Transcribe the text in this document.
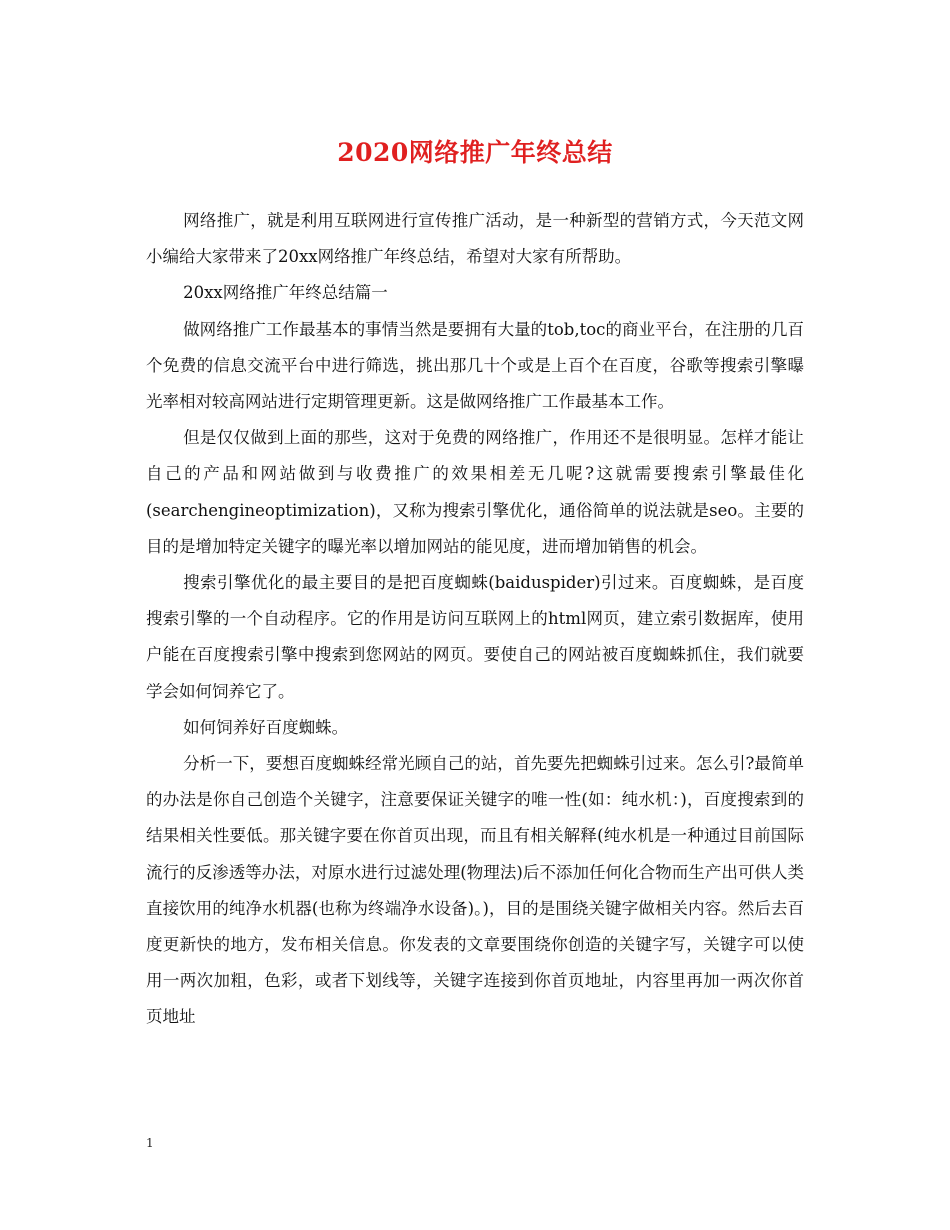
2020网络推广年终总结

网络推广，就是利用互联网进行宣传推广活动，是一种新型的营销方式，今天范文网小编给大家带来了20xx网络推广年终总结，希望对大家有所帮助。

20xx网络推广年终总结篇一

做网络推广工作最基本的事情当然是要拥有大量的tob,toc的商业平台，在注册的几百个免费的信息交流平台中进行筛选，挑出那几十个或是上百个在百度，谷歌等搜索引擎曝光率相对较高网站进行定期管理更新。这是做网络推广工作最基本工作。

但是仅仅做到上面的那些，这对于免费的网络推广，作用还不是很明显。怎样才能让自己的产品和网站做到与收费推广的效果相差无几呢?这就需要搜索引擎最佳化(searchengineoptimization)，又称为搜索引擎优化，通俗简单的说法就是seo。主要的目的是增加特定关键字的曝光率以增加网站的能见度，进而增加销售的机会。

搜索引擎优化的最主要目的是把百度蜘蛛(baiduspider)引过来。百度蜘蛛，是百度搜索引擎的一个自动程序。它的作用是访问互联网上的html网页，建立索引数据库，使用户能在百度搜索引擎中搜索到您网站的网页。要使自己的网站被百度蜘蛛抓住，我们就要学会如何饲养它了。

如何饲养好百度蜘蛛。

分析一下，要想百度蜘蛛经常光顾自己的站，首先要先把蜘蛛引过来。怎么引?最简单的办法是你自己创造个关键字，注意要保证关键字的唯一性(如：纯水机：)，百度搜索到的结果相关性要低。那关键字要在你首页出现，而且有相关解释(纯水机是一种通过目前国际流行的反渗透等办法，对原水进行过滤处理(物理法)后不添加任何化合物而生产出可供人类直接饮用的纯净水机器(也称为终端净水设备)。)，目的是围绕关键字做相关内容。然后去百度更新快的地方，发布相关信息。你发表的文章要围绕你创造的关键字写，关键字可以使用一两次加粗，色彩，或者下划线等，关键字连接到你首页地址，内容里再加一两次你首页地址

1
